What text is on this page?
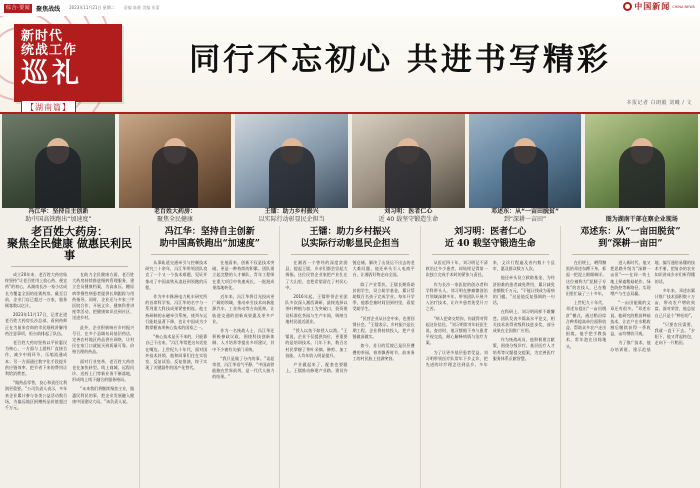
综合·要闻	聚焦战线 2023年11月21日 星期二 责编 陈静 美编 张蕾	中国新闻 CHINA NEWS
新时代
统战工作
巡礼
【湖南篇】
同行不忘初心 共进书写精彩
本报记者 白朗毅 刘曦 / 文
冯江华：坚持自主创新
助中国高铁跑出“加速度”
老百姓大药房：
聚焦全民健康
王镭：助力乡村振兴
以实际行动彰显民企担当
刘习明：医者仁心
近 40 载坚守锻造生命
邓述东：从“一亩田脱贫”
到“深耕一亩田”	图为湖南干部在察企业现场
老百姓大药房：
聚焦全民健康 做惠民利民事

成立20年来，老百姓大药房始终坚持“让老百姓用上放心药、便宜药”的初心，从湖南长沙一家小店成长为覆盖全国的连锁药房。截至目前，企业门店已超过一万家，服务顾客数以亿计。

2023年11月17日，记者走进老百姓大药房长沙总部，看到药师正在为前来咨询的市民细致讲解用药注意事项，柜台前排起了队伍。

老百姓大药房坚持以平价惠民为核心，一方面与上游药厂直接合作，减少中间环节，压缩流通成本；另一方面通过数字化手段提升供应链效率，把节省下来的费用让利给消费者。

“做药品零售，良心和责任比利润更重要。”公司负责人表示，多年来企业累计参与各类公益活动数百场，为偏远地区捐赠药品价值超过千万元。

在助力全民健康方面，老百姓大药房持续推进慢病管理服务，建立会员健康档案，为高血压、糖尿病等慢性病患者提供长期跟踪与用药指导。同时，企业还与多家三甲医院合作，开展义诊、健康科普讲座等活动，把健康知识送到社区、送进乡村。

此外，企业积极响应乡村振兴号召，在多个县域布局基层药店，完善农村地区药品供应网络，让村民在家门口就能买到质量可靠、价格合理的药品。

面对行业变革，老百姓大药房也在加快转型。线上商城、远程问诊、送药上门等新业务不断落地，形成线上线下融合的服务格局。

“未来我们将继续聚焦主业，做惠民利民的事，把企业发展融入健康中国建设大局。”该负责人说。

冯江华：坚持自主创新
助中国高铁跑出“加速度”

从事轨道交通牵引与控制技术研究三十余年，冯江华带领团队攻克了一个又一个技术难题，见证并推动了中国高铁从追赶到领跑的历程。

作为中车株洲电力机车研究所的首席科学家，冯江华的名字与一系列重大科技成果紧密相连。他主持研制的永磁牵引系统，使列车运行能耗显著下降，也让中国成为少数掌握该项核心技术的国家之一。

“核心技术是买不来的，只能靠自己干出来。”冯江华常把这句话挂在嘴边。上世纪九十年代，面对国外技术封锁，他和同事们住在实验室，反复试验、反复推演，终于实现了关键器件的国产化替代。

在他看来，创新不仅是技术突破，更是一种持续的积累。团队建立起完整的人才梯队，青年工程师在重大项目中快速成长，一批批成果落地转化。

近年来，冯江华将目光投向更广阔的领域，推动牵引技术向新能源汽车、工业传动等方向延伸，让轨道交通的创新成果惠及更多产业。

作为一名统战人士，冯江华还积极参政议政，围绕科技创新体制、人才培养等提出多项建议，其中不少被有关部门采纳。

“我只是做了分内的事。”谈起荣誉，冯江华语气平静，“中国高铁能跑在世界前列，是一代代人接力的结果。”

王镭：助力乡村振兴
以实际行动彰显民企担当

在湘西一个曾经的深度贫困县，提起王镭，乡亲们都会竖起大拇指。这位民营企业家把产业扎在了大山里，也把希望留在了村民心中。

2016年起，王镭带领企业团队多次深入湘西调研，最终选择以茶叶种植与加工为突破口，投资建设标准化茶园与生产车间，吸纳当地村民就近就业。

“授人以鱼不如授人以渔。”王镭说，企业不仅提供岗位，更重要的是培训技术。几年下来，数百名村民掌握了茶叶采摘、修剪、加工技能，人均年收入明显提升。

产业做起来了，配套也要跟上。王镭推动修建产业路、建设冷链仓储，解决了山货运不出去的老大难问题。他还牵头引入电商平台，让湘西好物走向全国。

除了产业帮扶，王镭长期资助贫困学生，设立助学基金，累计帮助数百名孩子完成学业。每年开学季，他都会抽时间回到村里，看望受助学生。

“民营企业从社会中来，也要回馈社会。”王镭表示，乡村振兴是长期工程，企业将持续投入，把产业链做深做实。

如今，昔日的荒坡已是层层叠叠的茶园，春茶飘香时节，前来务工的村民脸上挂满笑容。

刘习明：医者仁心
近 40 载坚守锻造生命

从医近四十年，刘习明记不清救治过多少患者，却始终记得第一次独立完成手术时的紧张与责任。

作为长沙一家医院的创办者和学科带头人，刘习明在肿瘤微创治疗领域深耕多年，带领团队开展介入治疗技术，让许多患者免受开刀之苦。

“病人把命交给你，你就得对得起这份信任。”刘习明常对年轻医生说。查房时，他习惯俯下身与患者平视交流，耐心解释病情与治疗方案。

为了让更多基层患者受益，刘习明带领医疗队常年下乡义诊，把先进的诊疗理念送到县乡。多年来，义诊行程遍及省内数十个县市，惠及群众数万人次。

他还牵头设立救助基金，为经济困难的患者减免费用，累计减免金额数千万元。“不能让钱成为看病的门槛。”这是他反复强调的一句话。

在科研上，刘习明同样不敢懈怠。团队发表多篇高水平论文，相关技术获得省级科技进步奖，部分成果在全国推广应用。

作为统战成员，他积极建言献策，围绕分级诊疗、基层医疗人才培养等议题提交提案，为完善医疗服务体系贡献智慧。

邓述东：从“一亩田脱贫”
到“深耕一亩田”

在田埂上，晒得黝黑的邓述东蹲下身，抓起一把泥土细细端详。这位被称为“泥腿子专家”的农技人，已在稻田里忙碌了三十多年。

上世纪九十年代，邓述东提出“一亩田脱贫”模式，通过稻田综合种养提高单位面积收益，帮助众多农户走出困境。他手把手教技术，常年泡在田间地头。

进入新时代，他又把思路升级为“深耕一亩田”——在同一块土地上探索稻菇轮作、绿色防控等新路径，实现增产与生态双赢。

“一亩田能做的文章还有很多。”邓述东说。他研究的稻田种菇技术，让农户在水稻收割后继续获得一季收益，亩均增收可观。

为了推广技术，他办培训班、建示范基地，编写通俗易懂的技术手册，把复杂的农业知识讲成乡亲们听得懂的话。

多年来，邓述东累计推广技术面积数十万亩，带动农户增收致富。面对荣誉，他总说自己只是个“种田的”。

“只要农民需要，我就一直干下去。”夕阳下，他又背起挎包，走向下一片稻田。
